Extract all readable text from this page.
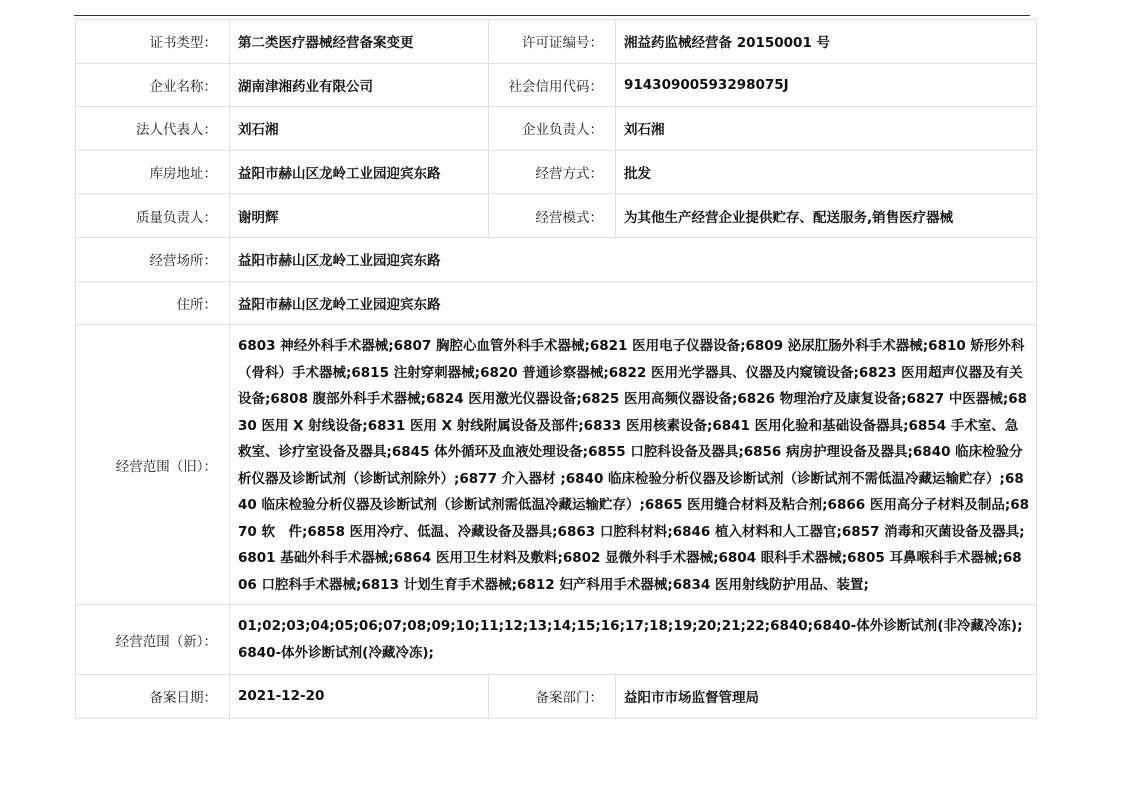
证书类型：	第二类医疗器械经营备案变更	许可证编号：	湘益药监械经营备 20150001 号
企业名称：	湖南津湘药业有限公司	社会信用代码：	91430900593298075J
法人代表人：	刘石湘	企业负责人：	刘石湘
库房地址：	益阳市赫山区龙岭工业园迎宾东路	经营方式：	批发
质量负责人：	谢明辉	经营模式：	为其他生产经营企业提供贮存、配送服务,销售医疗器械
经营场所：	益阳市赫山区龙岭工业园迎宾东路		
住所：	益阳市赫山区龙岭工业园迎宾东路		
经营范围（旧）：	6803 神经外科手术器械;6807 胸腔心血管外科手术器械;6821 医用电子仪器设备;6809 泌尿肛肠外科手术器械;6810 矫形外科（骨科）手术器械;6815 注射穿刺器械;6820 普通诊察器械;6822 医用光学器具、仪器及内窥镜设备;6823 医用超声仪器及有关设备;6808 腹部外科手术器械;6824 医用激光仪器设备;6825 医用高频仪器设备;6826 物理治疗及康复设备;6827 中医器械;6830 医用 X 射线设备;6831 医用 X 射线附属设备及部件;6833 医用核素设备;6841 医用化验和基础设备器具;6854 手术室、急救室、诊疗室设备及器具;6845 体外循环及血液处理设备;6855 口腔科设备及器具;6856 病房护理设备及器具;6840 临床检验分析仪器及诊断试剂（诊断试剂除外）;6877 介入器材 ;6840 临床检验分析仪器及诊断试剂（诊断试剂不需低温冷藏运输贮存）;6840 临床检验分析仪器及诊断试剂（诊断试剂需低温冷藏运输贮存）;6865 医用缝合材料及粘合剂;6866 医用高分子材料及制品;6870 软　件;6858 医用冷疗、低温、冷藏设备及器具;6863 口腔科材料;6846 植入材料和人工器官;6857 消毒和灭菌设备及器具;6801 基础外科手术器械;6864 医用卫生材料及敷料;6802 显微外科手术器械;6804 眼科手术器械;6805 耳鼻喉科手术器械;6806 口腔科手术器械;6813 计划生育手术器械;6812 妇产科用手术器械;6834 医用射线防护用品、装置;		
经营范围（新）：	01;02;03;04;05;06;07;08;09;10;11;12;13;14;15;16;17;18;19;20;21;22;6840;6840-体外诊断试剂(非冷藏冷冻);6840-体外诊断试剂(冷藏冷冻);		
备案日期：	2021-12-20	备案部门：	益阳市市场监督管理局
